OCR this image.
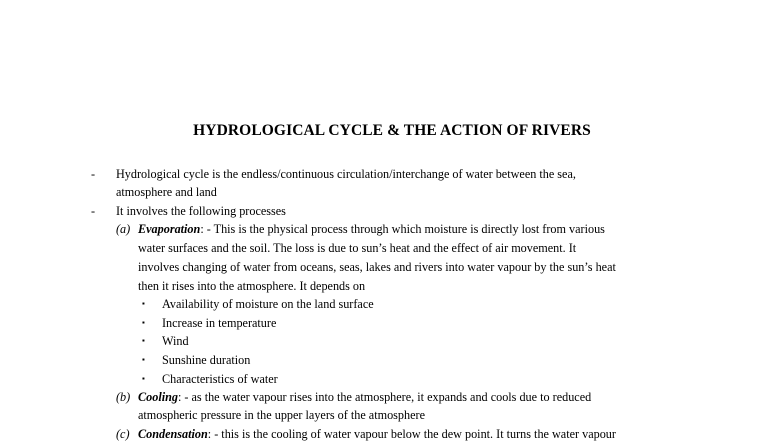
HYDROLOGICAL CYCLE & THE ACTION OF RIVERS
- Hydrological cycle is the endless/continuous circulation/interchange of water between the sea,
atmosphere and land
- It involves the following processes
(a) Evaporation: - This is the physical process through which moisture is directly lost from various
water surfaces and the soil. The loss is due to sun’s heat and the effect of air movement. It
involves changing of water from oceans, seas, lakes and rivers into water vapour by the sun’s heat
then it rises into the atmosphere. It depends on
▪ Availability of moisture on the land surface
▪ Increase in temperature
▪ Wind
▪ Sunshine duration
▪ Characteristics of water
(b) Cooling: - as the water vapour rises into the atmosphere, it expands and cools due to reduced
atmospheric pressure in the upper layers of the atmosphere
(c) Condensation: - this is the cooling of water vapour below the dew point. It turns the water vapour
